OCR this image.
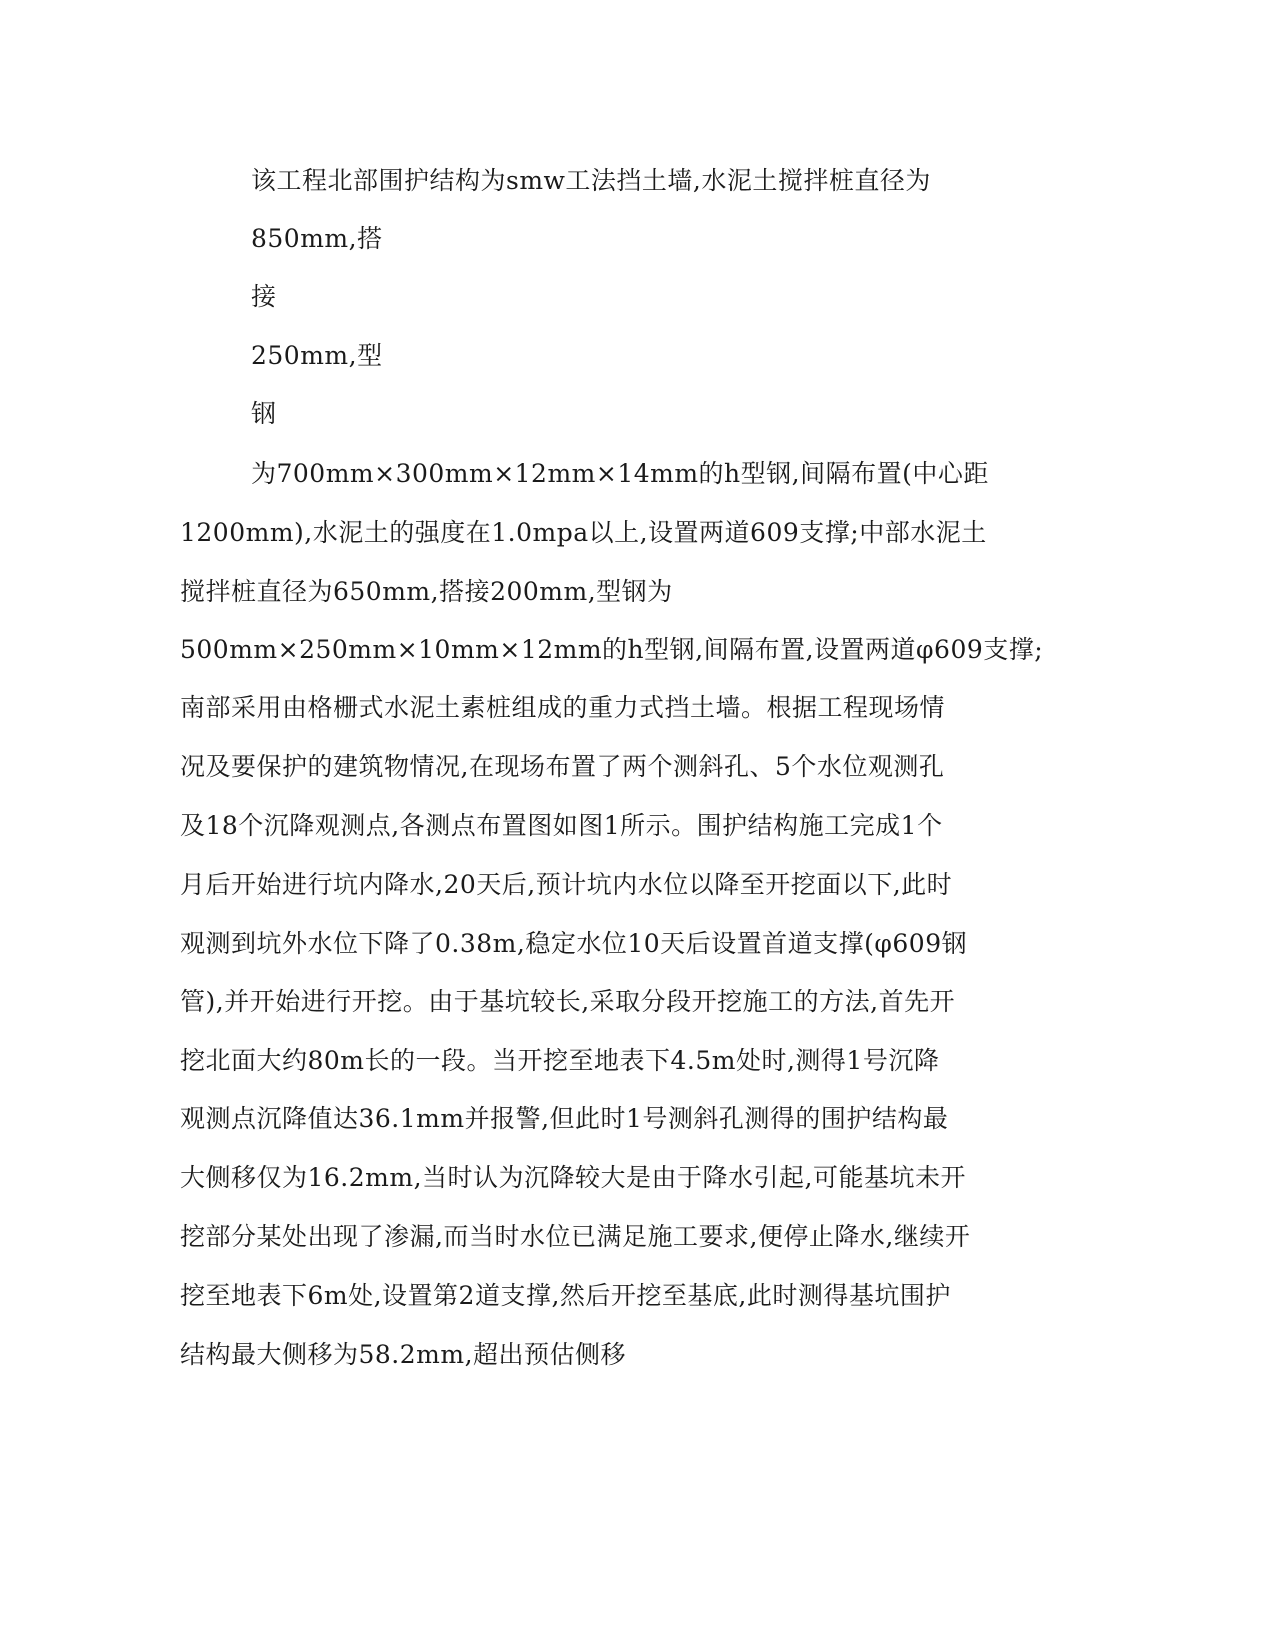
该工程北部围护结构为smw工法挡土墙,水泥土搅拌桩直径为
850mm,搭
接
250mm,型
钢
为700mm×300mm×12mm×14mm的h型钢,间隔布置(中心距
1200mm),水泥土的强度在1.0mpa以上,设置两道609支撑;中部水泥土
搅拌桩直径为650mm,搭接200mm,型钢为
500mm×250mm×10mm×12mm的h型钢,间隔布置,设置两道φ609支撑;
南部采用由格栅式水泥土素桩组成的重力式挡土墙。根据工程现场情
况及要保护的建筑物情况,在现场布置了两个测斜孔、5个水位观测孔
及18个沉降观测点,各测点布置图如图1所示。围护结构施工完成1个
月后开始进行坑内降水,20天后,预计坑内水位以降至开挖面以下,此时
观测到坑外水位下降了0.38m,稳定水位10天后设置首道支撑(φ609钢
管),并开始进行开挖。由于基坑较长,采取分段开挖施工的方法,首先开
挖北面大约80m长的一段。当开挖至地表下4.5m处时,测得1号沉降
观测点沉降值达36.1mm并报警,但此时1号测斜孔测得的围护结构最
大侧移仅为16.2mm,当时认为沉降较大是由于降水引起,可能基坑未开
挖部分某处出现了渗漏,而当时水位已满足施工要求,便停止降水,继续开
挖至地表下6m处,设置第2道支撑,然后开挖至基底,此时测得基坑围护
结构最大侧移为58.2mm,超出预估侧移
